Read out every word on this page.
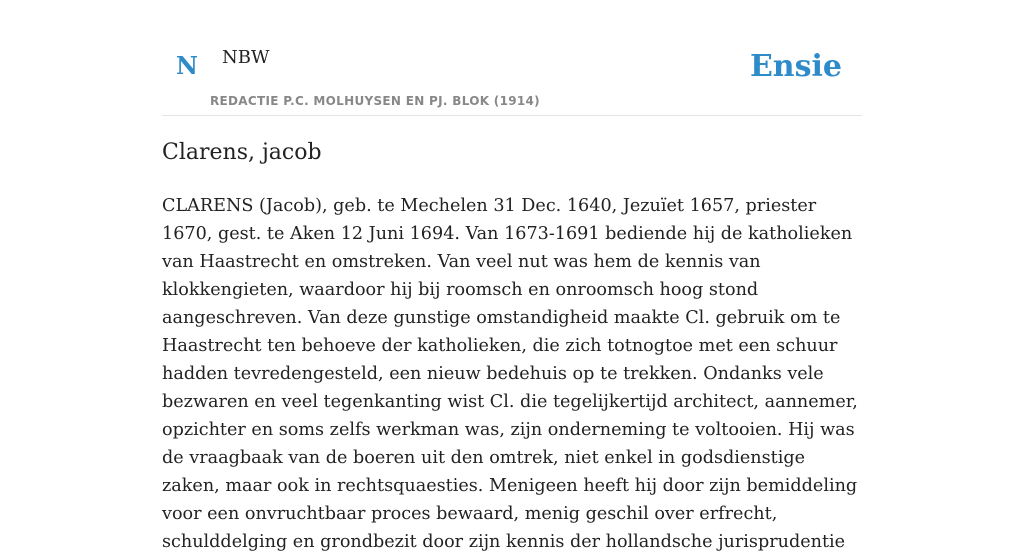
N NBW
REDACTIE P.C. MOLHUYSEN EN PJ. BLOK (1914)
Ensie
Clarens, jacob

CLARENS (Jacob), geb. te Mechelen 31 Dec. 1640, Jezuïet 1657, priester 1670, gest. te Aken 12 Juni 1694. Van 1673-1691 bediende hij de katholieken van Haastrecht en omstreken. Van veel nut was hem de kennis van klokkengieten, waardoor hij bij roomsch en onroomsch hoog stond aangeschreven. Van deze gunstige omstandigheid maakte Cl. gebruik om te Haastrecht ten behoeve der katholieken, die zich totnogtoe met een schuur hadden tevredengesteld, een nieuw bedehuis op te trekken. Ondanks vele bezwaren en veel tegenkanting wist Cl. die tegelijkertijd architect, aannemer, opzichter en soms zelfs werkman was, zijn onderneming te voltooien. Hij was de vraagbaak van de boeren uit den omtrek, niet enkel in godsdienstige zaken, maar ook in rechtsquaesties. Menigeen heeft hij door zijn bemiddeling voor een onvruchtbaar proces bewaard, menig geschil over erfrecht, schulddelging en grondbezit door zijn kennis der hollandsche jurisprudentie
